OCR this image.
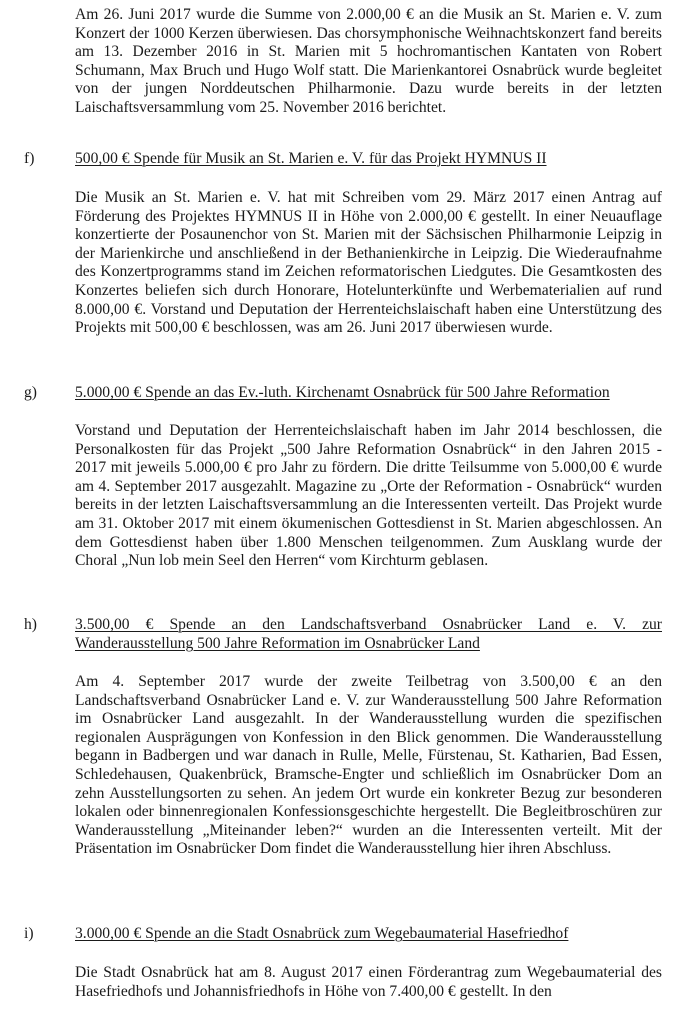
Am 26. Juni 2017 wurde die Summe von 2.000,00 € an die Musik an St. Marien e. V. zum Konzert der 1000 Kerzen überwiesen. Das chorsymphonische Weihnachtskonzert fand bereits am 13. Dezember 2016 in St. Marien mit 5 hochromantischen Kantaten von Robert Schumann, Max Bruch und Hugo Wolf statt. Die Marienkantorei Osnabrück wurde begleitet von der jungen Norddeutschen Philharmonie. Dazu wurde bereits in der letzten Laischaftsversammlung vom 25. November 2016 berichtet.

f)	500,00 € Spende für Musik an St. Marien e. V. für das Projekt HYMNUS II

Die Musik an St. Marien e. V. hat mit Schreiben vom 29. März 2017 einen Antrag auf Förderung des Projektes HYMNUS II in Höhe von 2.000,00 € gestellt. In einer Neuauflage konzertierte der Posaunenchor von St. Marien mit der Sächsischen Philharmonie Leipzig in der Marienkirche und anschließend in der Bethanienkirche in Leipzig. Die Wiederaufnahme des Konzertprogramms stand im Zeichen reformatorischen Liedgutes. Die Gesamtkosten des Konzertes beliefen sich durch Honorare, Hotelunterkünfte und Werbematerialien auf rund 8.000,00 €. Vorstand und Deputation der Herrenteichslaischaft haben eine Unterstützung des Projekts mit 500,00 € beschlossen, was am 26. Juni 2017 überwiesen wurde.

g) 5.000,00 € Spende an das Ev.-luth. Kirchenamt Osnabrück für 500 Jahre Reformation

Vorstand und Deputation der Herrenteichslaischaft haben im Jahr 2014 beschlossen, die Personalkosten für das Projekt „500 Jahre Reformation Osnabrück“ in den Jahren 2015 - 2017 mit jeweils 5.000,00 € pro Jahr zu fördern. Die dritte Teilsumme von 5.000,00 € wurde am 4. September 2017 ausgezahlt. Magazine zu „Orte der Reformation - Osnabrück“ wurden bereits in der letzten Laischaftsversammlung an die Interessenten verteilt. Das Projekt wurde am 31. Oktober 2017 mit einem ökumenischen Gottesdienst in St. Marien abgeschlossen. An dem Gottesdienst haben über 1.800 Menschen teilgenommen. Zum Ausklang wurde der Choral „Nun lob mein Seel den Herren“ vom Kirchturm geblasen.

h) 3.500,00 € Spende an den Landschaftsverband Osnabrücker Land e. V. zur Wanderausstellung 500 Jahre Reformation im Osnabrücker Land

Am 4. September 2017 wurde der zweite Teilbetrag von 3.500,00 € an den Landschaftsverband Osnabrücker Land e. V. zur Wanderausstellung 500 Jahre Reformation im Osnabrücker Land ausgezahlt. In der Wanderausstellung wurden die spezifischen regionalen Ausprägungen von Konfession in den Blick genommen. Die Wanderausstellung begann in Badbergen und war danach in Rulle, Melle, Fürstenau, St. Katharien, Bad Essen, Schledehausen, Quakenbrück, Bramsche-Engter und schließlich im Osnabrücker Dom an zehn Ausstellungsorten zu sehen. An jedem Ort wurde ein konkreter Bezug zur besonderen lokalen oder binnenregionalen Konfessionsgeschichte hergestellt. Die Begleitbroschüren zur Wanderausstellung „Miteinander leben?“ wurden an die Interessenten verteilt. Mit der Präsentation im Osnabrücker Dom findet die Wanderausstellung hier ihren Abschluss.

i)	3.000,00 € Spende an die Stadt Osnabrück zum Wegebaumaterial Hasefriedhof

Die Stadt Osnabrück hat am 8. August 2017 einen Förderantrag zum Wegebaumaterial des Hasefriedhofs und Johannisfriedhofs in Höhe von 7.400,00 € gestellt. In den
